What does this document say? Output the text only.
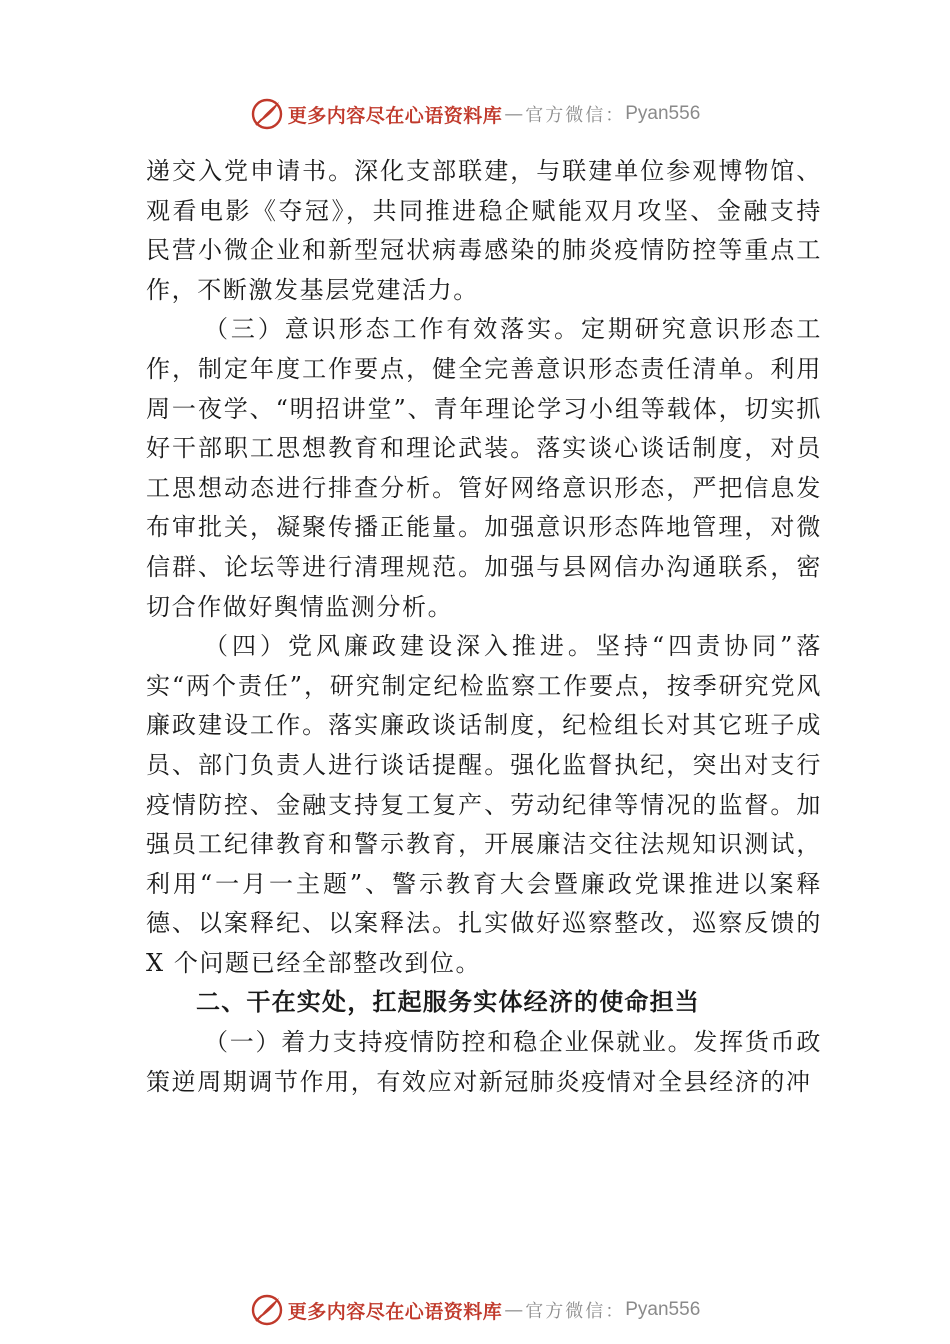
更多内容尽在心语资料库 — 官方微信： Pyan556

递交入党申请书。深化支部联建，与联建单位参观博物馆、 观看电影《夺冠》，共同推进稳企赋能双月攻坚、金融支持民营小微企业和新型冠状病毒感染的肺炎疫情防控等重点工作，不断激发基层党建活力。

（三）意识形态工作有效落实。定期研究意识形态工作，制定年度工作要点，健全完善意识形态责任清单。利用周一夜学、“明招讲堂”、青年理论学习小组等载体，切实抓好干部职工思想教育和理论武装。落实谈心谈话制度，对员工思想动态进行排查分析。管好网络意识形态，严把信息发布审批关，凝聚传播正能量。加强意识形态阵地管理，对微信群、论坛等进行清理规范。加强与县网信办沟通联系，密切合作做好舆情监测分析。

（四）党风廉政建设深入推进。坚持“四责协同”落实“两个责任”，研究制定纪检监察工作要点，按季研究党风廉政建设工作。落实廉政谈话制度，纪检组长对其它班子成员、部门负责人进行谈话提醒。强化监督执纪，突出对支行疫情防控、金融支持复工复产、劳动纪律等情况的监督。加强员工纪律教育和警示教育，开展廉洁交往法规知识测试，利用“一月一主题”、警示教育大会暨廉政党课推进以案释德、以案释纪、以案释法。扎实做好巡察整改，巡察反馈的 X 个问题已经全部整改到位。

二、干在实处，扛起服务实体经济的使命担当

（一）着力支持疫情防控和稳企业保就业。发挥货币政策逆周期调节作用，有效应对新冠肺炎疫情对全县经济的冲

更多内容尽在心语资料库 — 官方微信： Pyan556
